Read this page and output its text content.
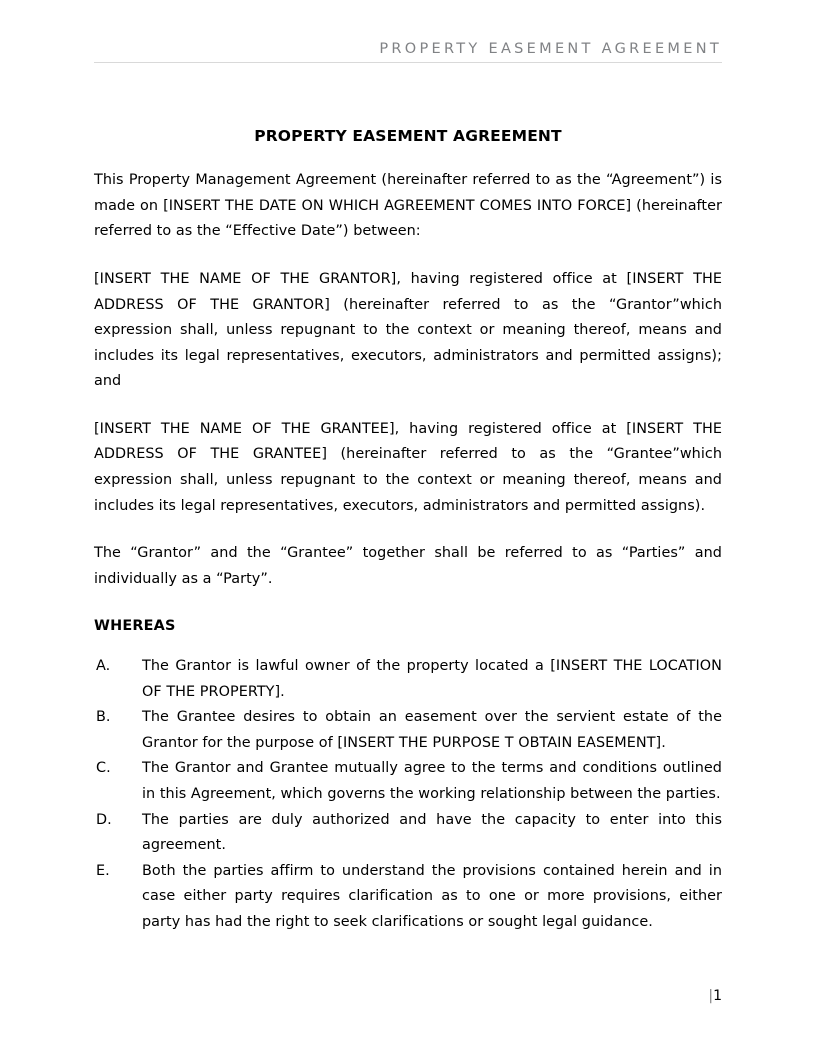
PROPERTY EASEMENT AGREEMENT
PROPERTY EASEMENT AGREEMENT

This Property Management Agreement (hereinafter referred to as the “Agreement”) is made on [INSERT THE DATE ON WHICH AGREEMENT COMES INTO FORCE] (hereinafter referred to as the “Effective Date”) between:

[INSERT THE NAME OF THE GRANTOR], having registered office at [INSERT THE ADDRESS OF THE GRANTOR] (hereinafter referred to as the “Grantor”which expression shall, unless repugnant to the context or meaning thereof, means and includes its legal representatives, executors, administrators and permitted assigns); and

[INSERT THE NAME OF THE GRANTEE], having registered office at [INSERT THE ADDRESS OF THE GRANTEE] (hereinafter referred to as the “Grantee”which expression shall, unless repugnant to the context or meaning thereof, means and includes its legal representatives, executors, administrators and permitted assigns).

The “Grantor” and the “Grantee” together shall be referred to as “Parties” and individually as a “Party”.

WHEREAS
A.	The Grantor is lawful owner of the property located a [INSERT THE LOCATION OF THE PROPERTY].
B.	The Grantee desires to obtain an easement over the servient estate of the Grantor for the purpose of [INSERT THE PURPOSE T OBTAIN EASEMENT].
C.	The Grantor and Grantee mutually agree to the terms and conditions outlined in this Agreement, which governs the working relationship between the parties.
D.	The parties are duly authorized and have the capacity to enter into this agreement.
E.	Both the parties affirm to understand the provisions contained herein and in case either party requires clarification as to one or more provisions, either party has had the right to seek clarifications or sought legal guidance.
|1
